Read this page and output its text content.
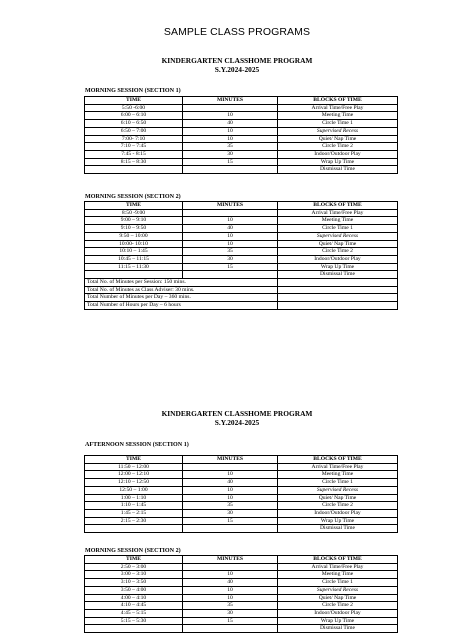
SAMPLE CLASS PROGRAMS
KINDERGARTEN CLASSHOME PROGRAM
S.Y.2024-2025
MORNING SESSION (SECTION 1)
TIME	MINUTES	BLOCKS OF TIME
5:50 -6:00		Arrival Time/Free Play
6:00 – 6:10	10	Meeting Time
6:10 – 6:50	40	Circle Time 1
6:50 – 7:00	10	Supervised Recess
7:00- 7:10	10	Quiet/ Nap Time
7:10 – 7:45	35	Circle Time 2
7:45 - 8:15	30	Indoor/Outdoor Play
8:15 – 8:30	15	Wrap Up Time
		Dismissal Time
MORNING SESSION (SECTION 2)
TIME	MINUTES	BLOCKS OF TIME
8:50 -9:00		Arrival Time/Free Play
9:00 – 9:10	10	Meeting Time
9:10 – 9:50	40	Circle Time 1
9:50 – 10:00	10	Supervised Recess
10:00- 10:10	10	Quiet/ Nap Time
10:10 – 1:45	35	Circle Time 2
10:45 – 11:15	30	Indoor/Outdoor Play
11:15 – 11:30	15	Wrap Up Time
		Dismissal Time
Total No. of Minutes per Session: 150 mins.		
Total No. of Minutes as Class Adviser: 30 mins.		
Total Number of Minutes per Day – 360 mins.		
Total Number of Hours per Day – 6 hours		
KINDERGARTEN CLASSHOME PROGRAM
S.Y.2024-2025
AFTERNOON SESSION (SECTION 1)
TIME	MINUTES	BLOCKS OF TIME
11:50 – 12:00		Arrival Time/Free Play
12:00 – 12:10	10	Meeting Time
12:10 – 12:50	40	Circle Time 1
12:50 – 1:00	10	Supervised Recess
1:00 – 1:10	10	Quiet/ Nap Time
1:10 – 1:45	35	Circle Time 2
1:45 – 2:15	30	Indoor/Outdoor Play
2:15 – 2:30	15	Wrap Up Time
		Dismissal Time
MORNING SESSION (SECTION 2)
TIME	MINUTES	BLOCKS OF TIME
2:50 – 3:00		Arrival Time/Free Play
3:00 – 3:10	10	Meeting Time
3:10 – 3:50	40	Circle Time 1
3:50 – 4:00	10	Supervised Recess
4:00 – 4:10	10	Quiet/ Nap Time
4:10 – 4:45	35	Circle Time 2
4:45 – 5:15	30	Indoor/Outdoor Play
5:15 – 5:30	15	Wrap Up Time
		Dismissal Time
